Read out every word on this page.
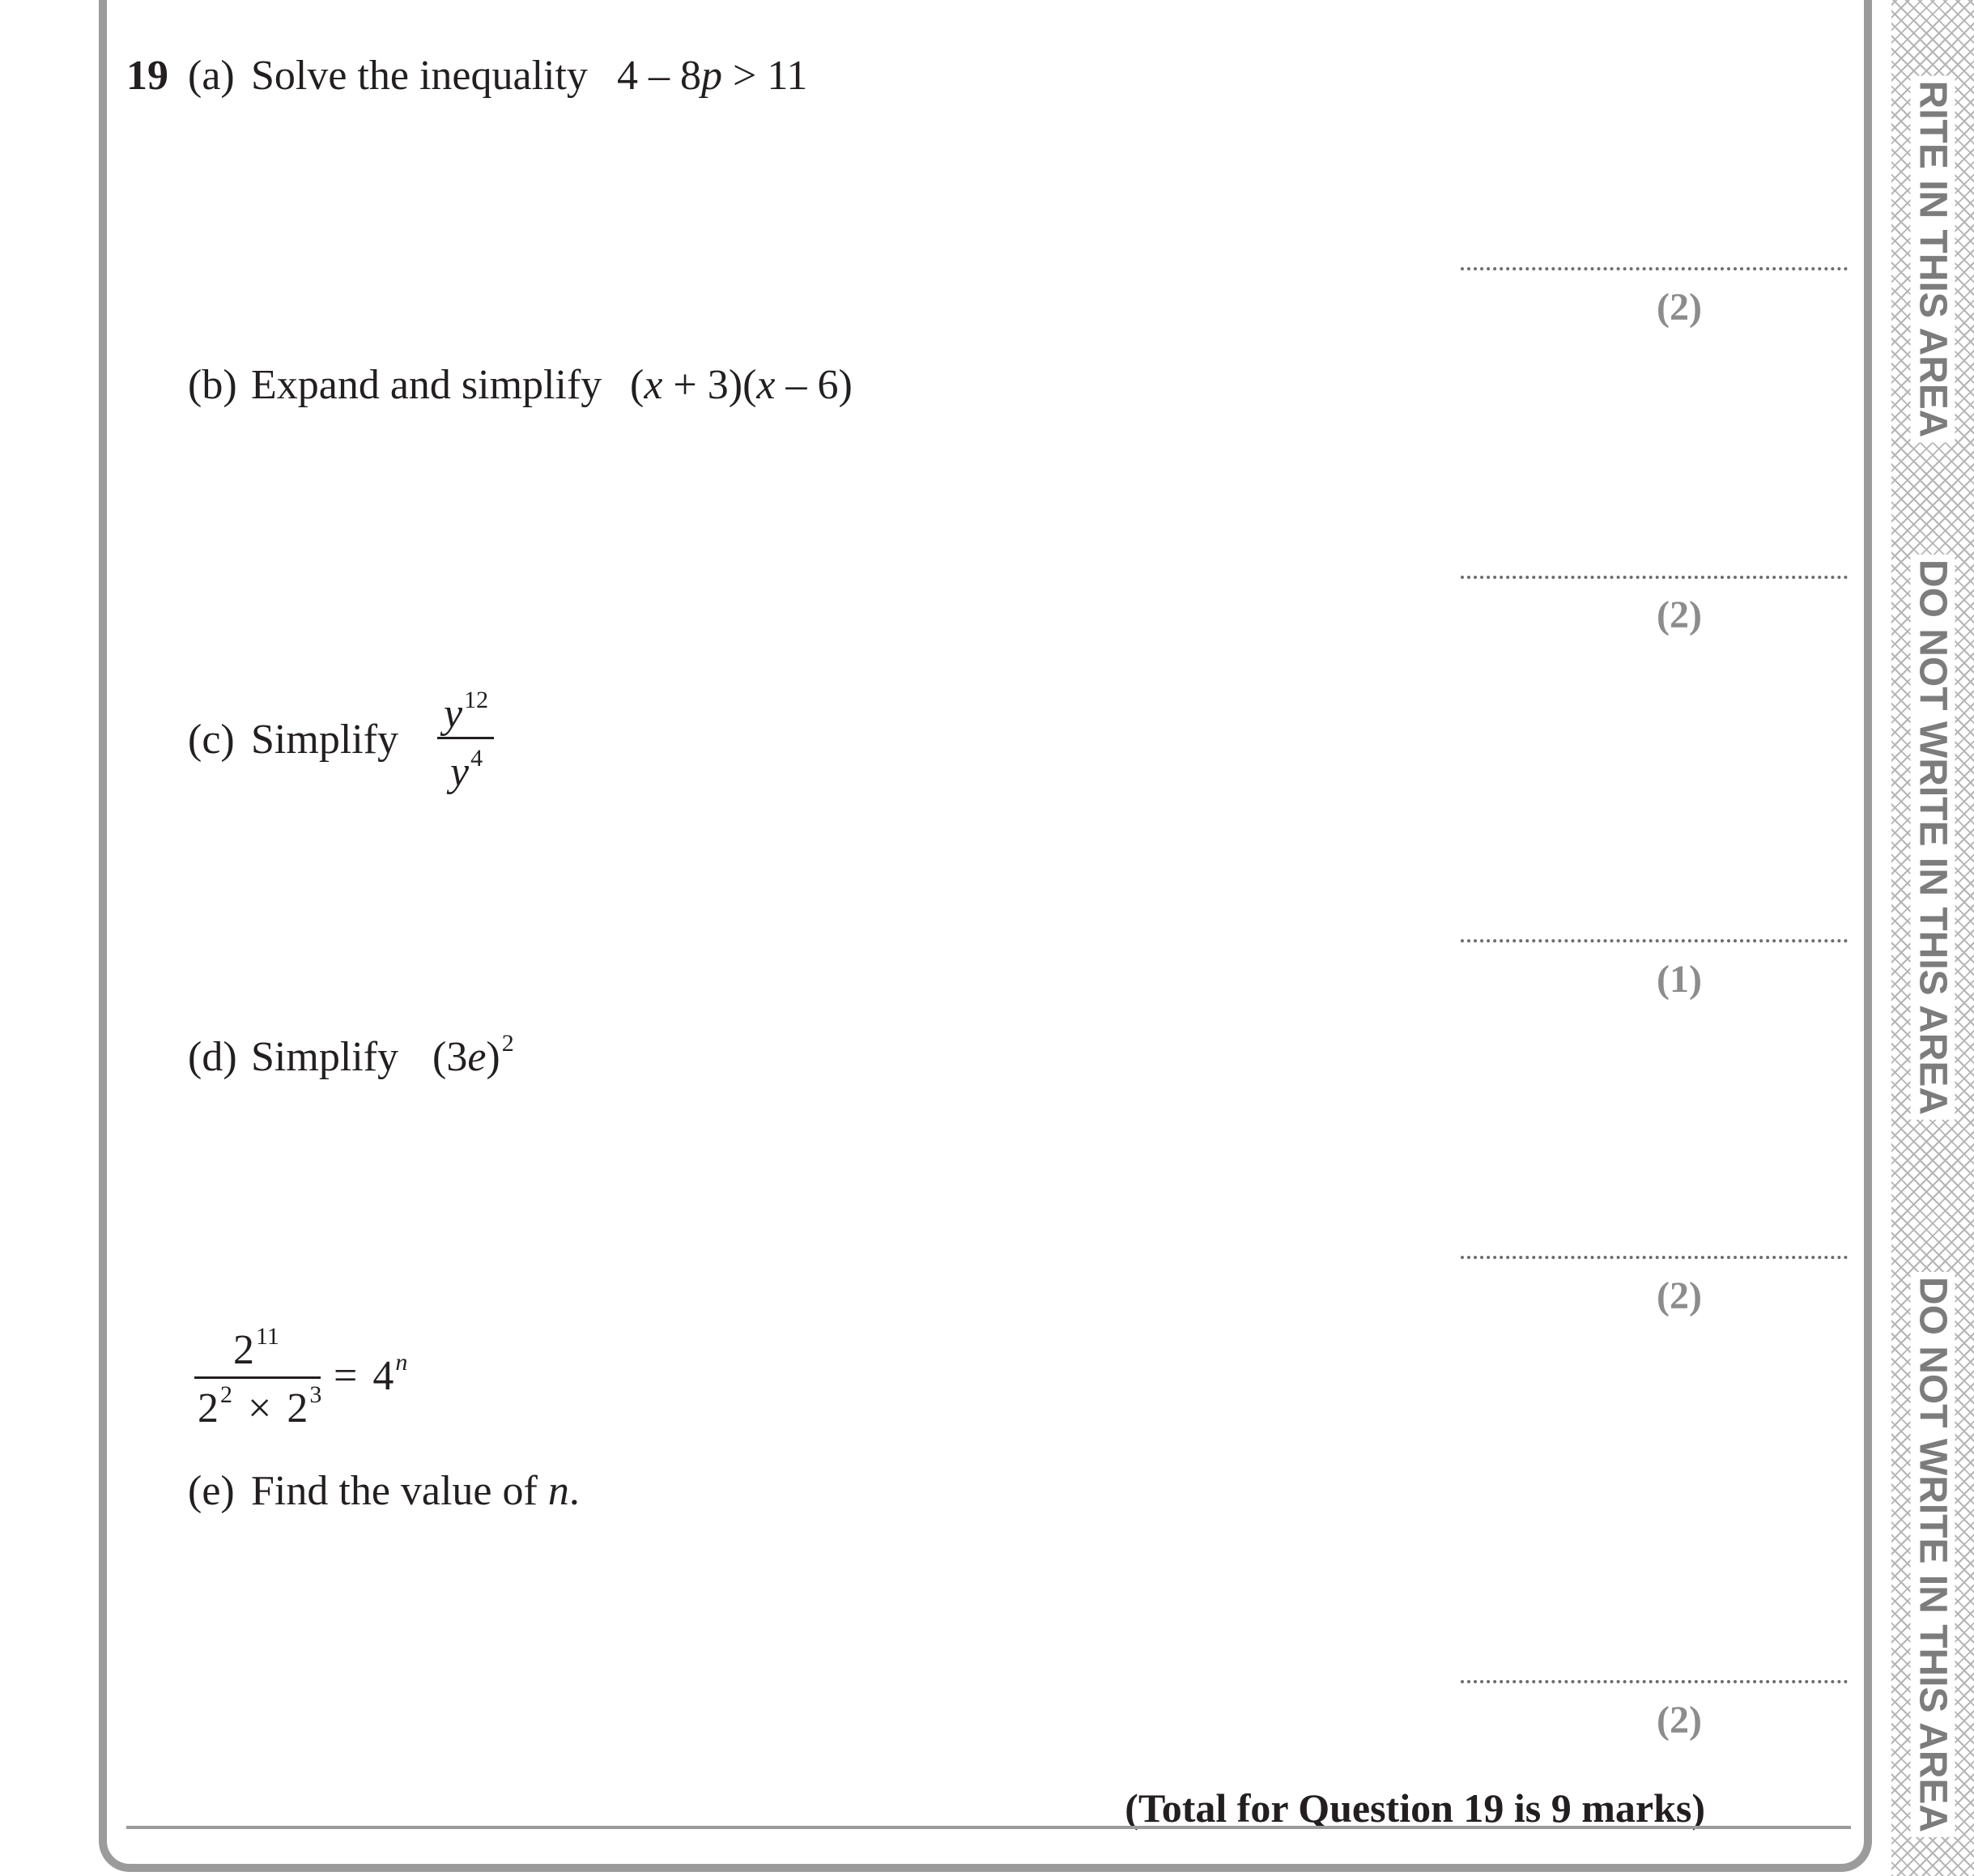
19 (a) Solve the inequality 4 – 8p > 11
(2)
(b) Expand and simplify (x + 3)(x – 6)
(2)
(c) Simplify
$y^{12}$
$y^4$
(1)
(d) Simplify $(3e)^2$
(2)
$2^{11}$
$2^2 \times 2^3 = 4^n$
(e) Find the value of n.
(2)
(Total for Question 19 is 9 marks)
RITE IN THIS AREA
DO NOT WRITE IN THIS AREA
DO NOT WRITE IN THIS AREA
